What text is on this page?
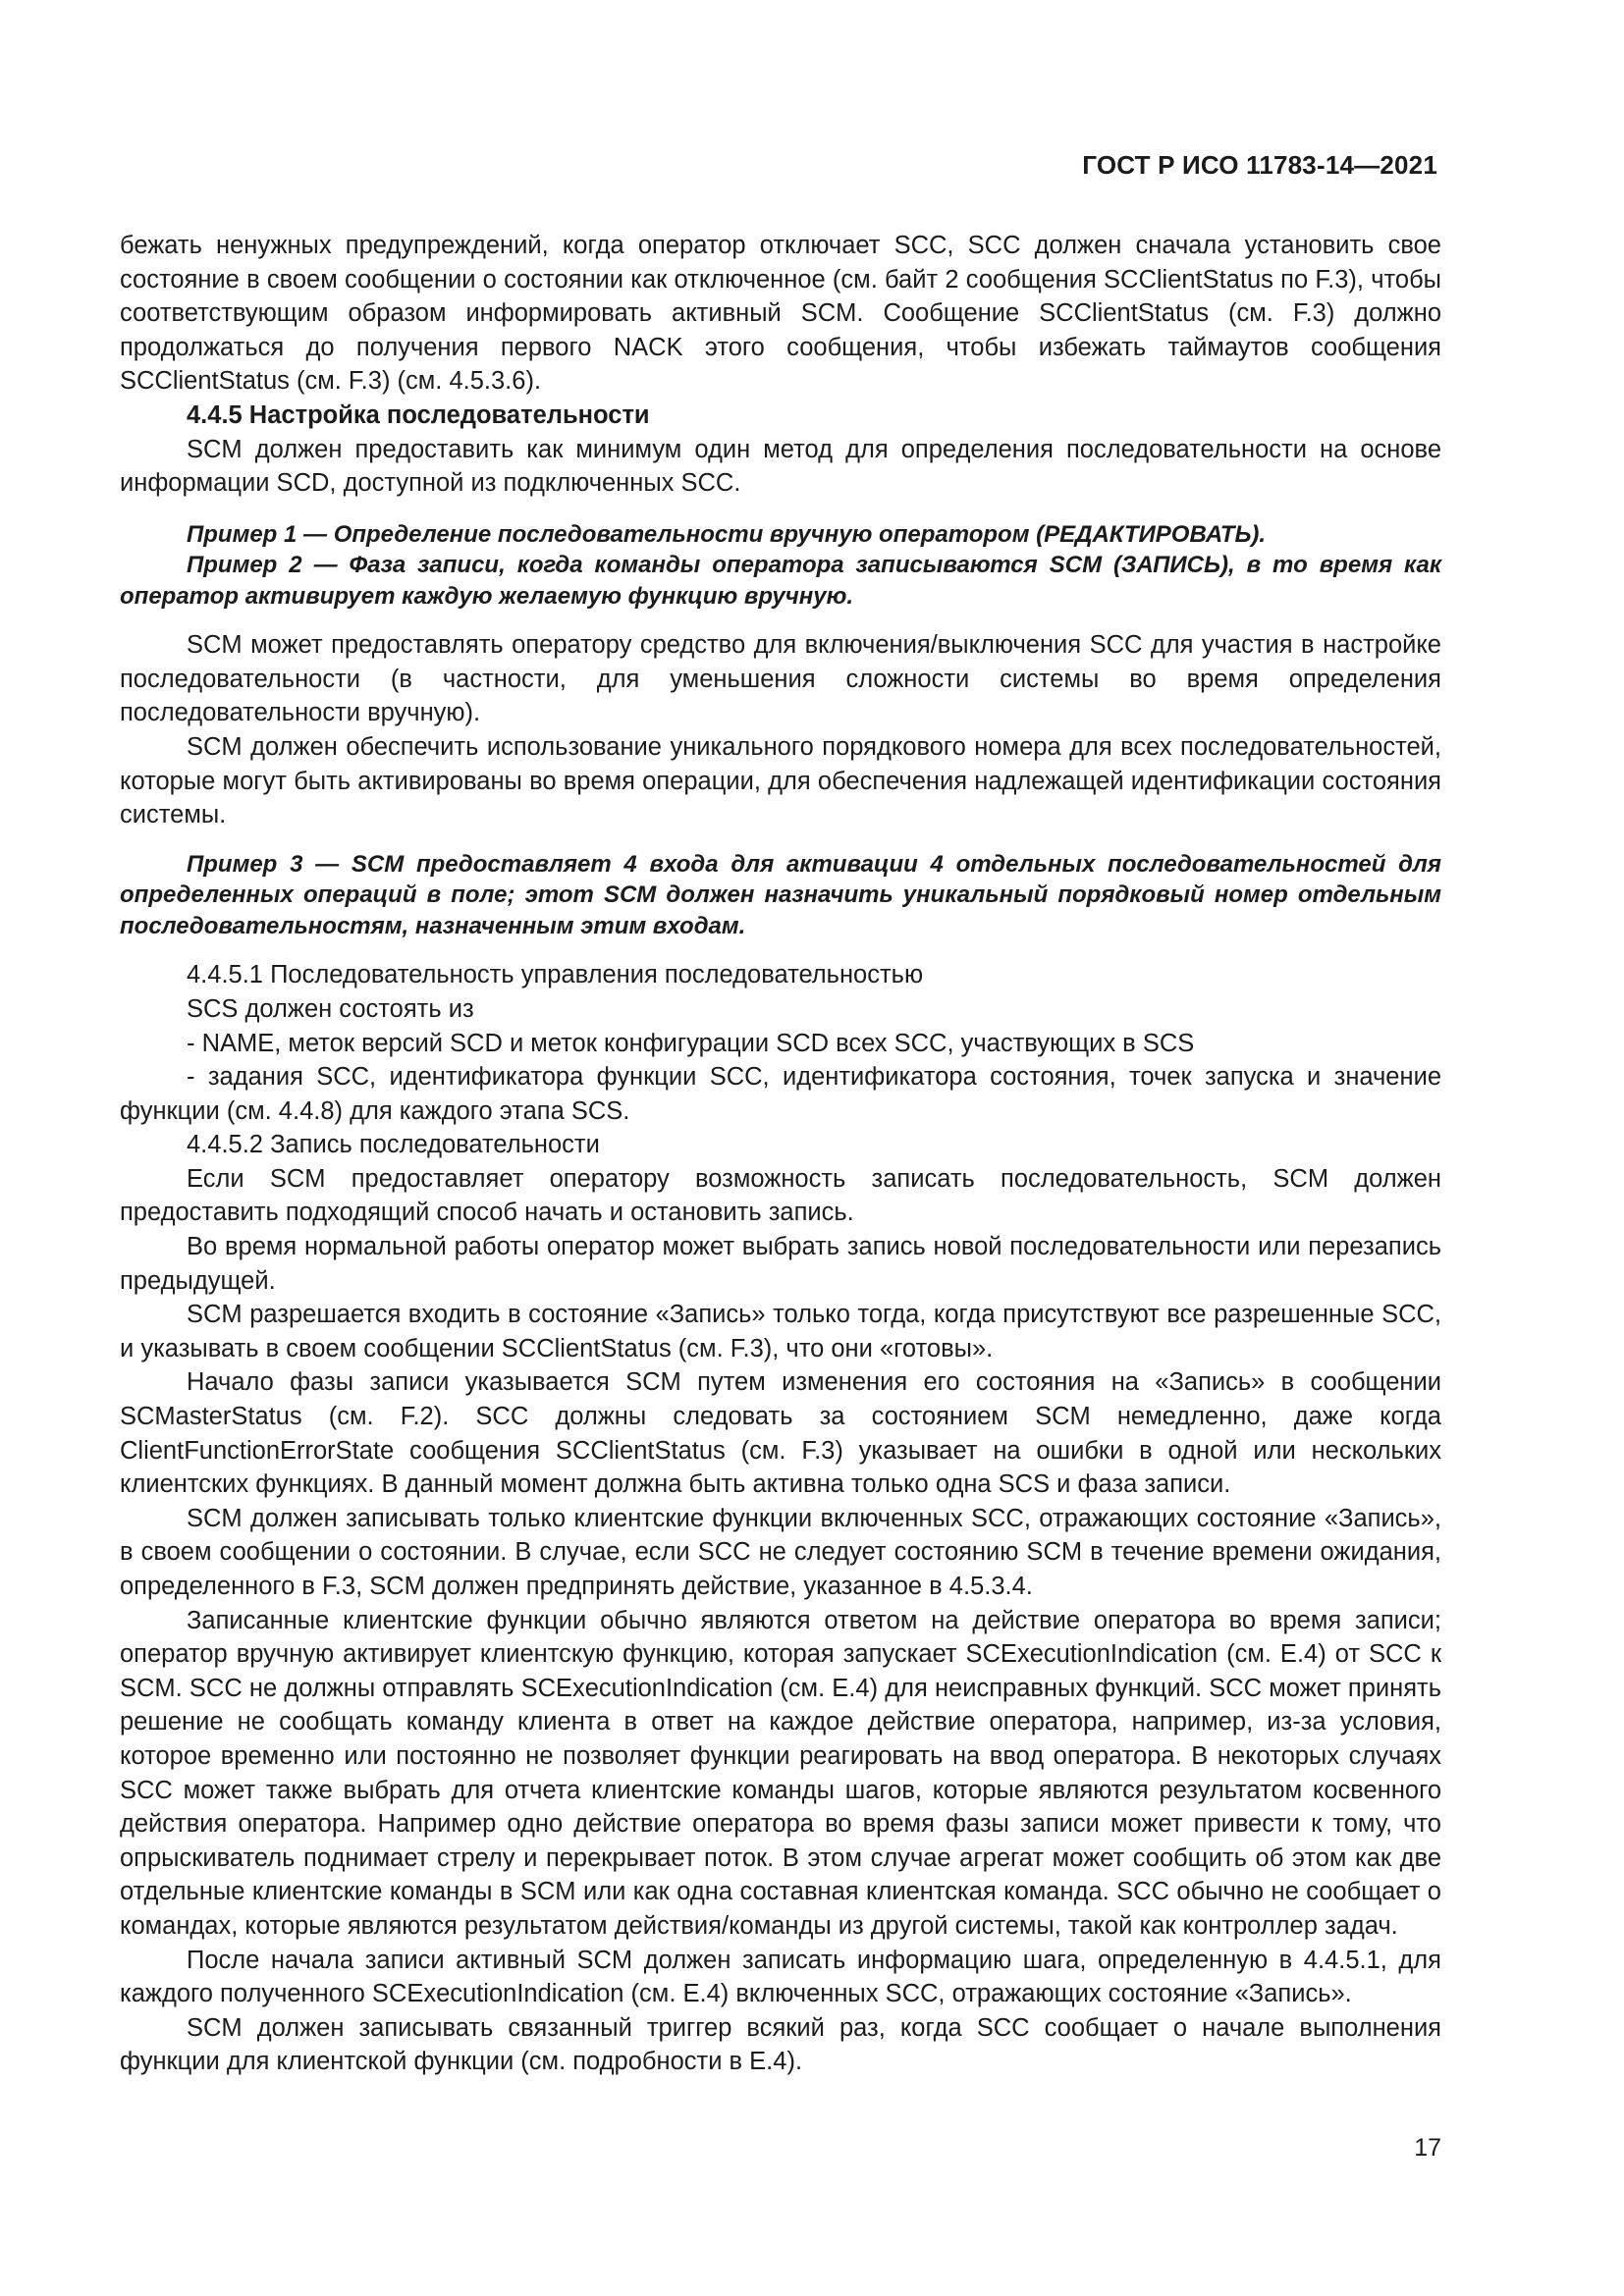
ГОСТ Р ИСО 11783-14—2021

бежать ненужных предупреждений, когда оператор отключает SCC, SCC должен сначала установить свое состояние в своем сообщении о состоянии как отключенное (см. байт 2 сообщения SCClientStatus по F.3), чтобы соответствующим образом информировать активный SCM. Сообщение SCClientStatus (см. F.3) должно продолжаться до получения первого NACK этого сообщения, чтобы избежать таймаутов сообщения SCClientStatus (см. F.3) (см. 4.5.3.6).

4.4.5 Настройка последовательности

SCM должен предоставить как минимум один метод для определения последовательности на основе информации SCD, доступной из подключенных SCC.

Пример 1 — Определение последовательности вручную оператором (РЕДАКТИРОВАТЬ).

Пример 2 — Фаза записи, когда команды оператора записываются SCM (ЗАПИСЬ), в то время как оператор активирует каждую желаемую функцию вручную.

SCM может предоставлять оператору средство для включения/выключения SCC для участия в настройке последовательности (в частности, для уменьшения сложности системы во время определения последовательности вручную).

SCM должен обеспечить использование уникального порядкового номера для всех последовательностей, которые могут быть активированы во время операции, для обеспечения надлежащей идентификации состояния системы.

Пример 3 — SCM предоставляет 4 входа для активации 4 отдельных последовательностей для определенных операций в поле; этот SCM должен назначить уникальный порядковый номер отдельным последовательностям, назначенным этим входам.

4.4.5.1 Последовательность управления последовательностью

SCS должен состоять из

- NAME, меток версий SCD и меток конфигурации SCD всех SCC, участвующих в SCS

- задания SCC, идентификатора функции SCC, идентификатора состояния, точек запуска и значение функции (см. 4.4.8) для каждого этапа SCS.

4.4.5.2 Запись последовательности

Если SCM предоставляет оператору возможность записать последовательность, SCM должен предоставить подходящий способ начать и остановить запись.

Во время нормальной работы оператор может выбрать запись новой последовательности или перезапись предыдущей.

SCM разрешается входить в состояние «Запись» только тогда, когда присутствуют все разрешенные SCC, и указывать в своем сообщении SCClientStatus (см. F.3), что они «готовы».

Начало фазы записи указывается SCM путем изменения его состояния на «Запись» в сообщении SCMasterStatus (см. F.2). SCC должны следовать за состоянием SCM немедленно, даже когда ClientFunctionErrorState сообщения SCClientStatus (см. F.3) указывает на ошибки в одной или нескольких клиентских функциях. В данный момент должна быть активна только одна SCS и фаза записи.

SCM должен записывать только клиентские функции включенных SCC, отражающих состояние «Запись», в своем сообщении о состоянии. В случае, если SCC не следует состоянию SCM в течение времени ожидания, определенного в F.3, SCM должен предпринять действие, указанное в 4.5.3.4.

Записанные клиентские функции обычно являются ответом на действие оператора во время записи; оператор вручную активирует клиентскую функцию, которая запускает SCExecutionIndication (см. E.4) от SCC к SCM. SCC не должны отправлять SCExecutionIndication (см. E.4) для неисправных функций. SCC может принять решение не сообщать команду клиента в ответ на каждое действие оператора, например, из-за условия, которое временно или постоянно не позволяет функции реагировать на ввод оператора. В некоторых случаях SCC может также выбрать для отчета клиентские команды шагов, которые являются результатом косвенного действия оператора. Например одно действие оператора во время фазы записи может привести к тому, что опрыскиватель поднимает стрелу и перекрывает поток. В этом случае агрегат может сообщить об этом как две отдельные клиентские команды в SCM или как одна составная клиентская команда. SCC обычно не сообщает о командах, которые являются результатом действия/команды из другой системы, такой как контроллер задач.

После начала записи активный SCM должен записать информацию шага, определенную в 4.4.5.1, для каждого полученного SCExecutionIndication (см. E.4) включенных SCC, отражающих состояние «Запись».

SCM должен записывать связанный триггер всякий раз, когда SCC сообщает о начале выполнения функции для клиентской функции (см. подробности в E.4).

17
